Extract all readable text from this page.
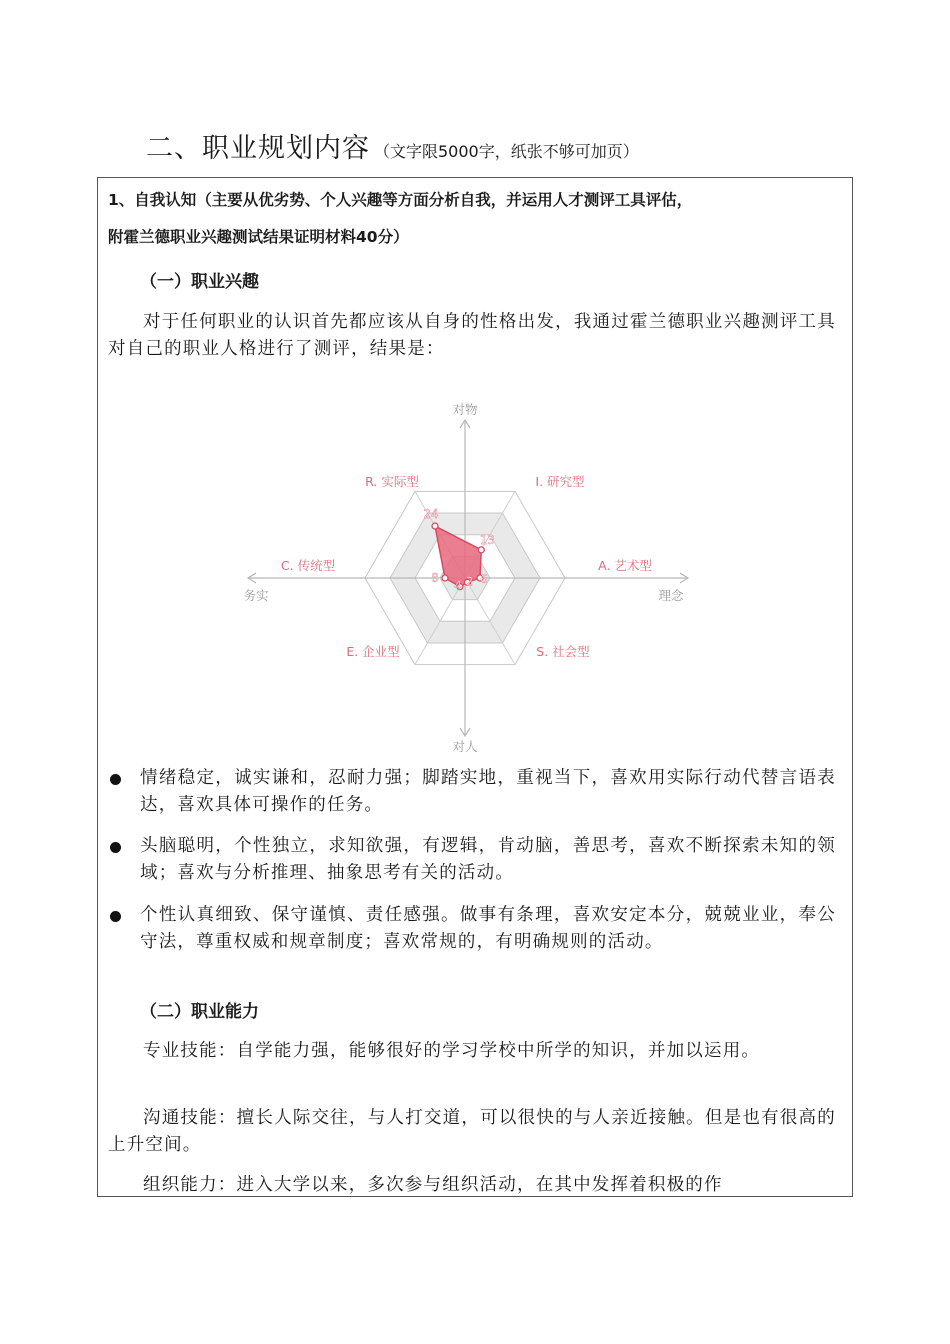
二、职业规划内容 （文字限5000字，纸张不够可加页）
1、自我认知（主要从优劣势、个人兴趣等方面分析自我，并运用人才测评工具评估，
附霍兰德职业兴趣测试结果证明材料40分）
（一）职业兴趣
对于任何职业的认识首先都应该从自身的性格出发，我通过霍兰德职业兴趣测评工具对自己的职业人格进行了测评，结果是：
24
13
6
2
4
8
R. 实际型	I. 研究型
A. 艺术型
S. 社会型
E. 企业型
C. 传统型
对物
对人
务实	理念
情绪稳定，诚实谦和，忍耐力强；脚踏实地，重视当下，喜欢用实际行动代替言语表达，喜欢具体可操作的任务。
头脑聪明，个性独立，求知欲强，有逻辑，肯动脑，善思考，喜欢不断探索未知的领域；喜欢与分析推理、抽象思考有关的活动。
个性认真细致、保守谨慎、责任感强。做事有条理，喜欢安定本分，兢兢业业，奉公守法，尊重权威和规章制度；喜欢常规的，有明确规则的活动。
（二）职业能力
专业技能：自学能力强，能够很好的学习学校中所学的知识，并加以运用。
沟通技能：擅长人际交往，与人打交道，可以很快的与人亲近接触。但是也有很高的上升空间。
组织能力：进入大学以来，多次参与组织活动，在其中发挥着积极的作
